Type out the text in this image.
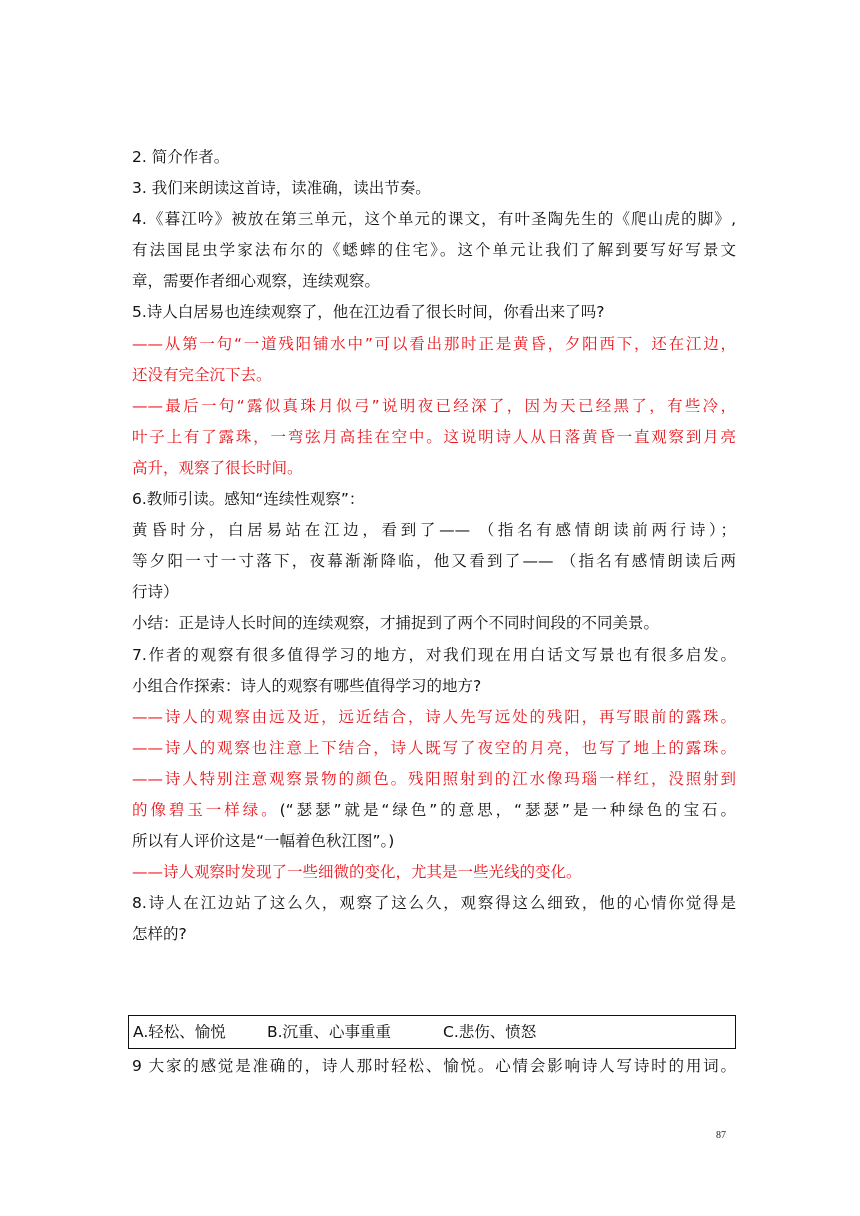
2. 简介作者。
3. 我们来朗读这首诗，读准确，读出节奏。
4.《暮江吟》被放在第三单元，这个单元的课文，有叶圣陶先生的《爬山虎的脚》,
有法国昆虫学家法布尔的《蟋蟀的住宅》。这个单元让我们了解到要写好写景文
章，需要作者细心观察，连续观察。
5.诗人白居易也连续观察了，他在江边看了很长时间，你看出来了吗?
——从第一句“一道残阳铺水中”可以看出那时正是黄昏，夕阳西下，还在江边，
还没有完全沉下去。
——最后一句“露似真珠月似弓”说明夜已经深了，因为天已经黑了，有些冷，
叶子上有了露珠，一弯弦月高挂在空中。这说明诗人从日落黄昏一直观察到月亮
高升，观察了很长时间。
6.教师引读。感知“连续性观察”：
黄昏时分，白居易站在江边，看到了—— （指名有感情朗读前两行诗）；
等夕阳一寸一寸落下，夜幕渐渐降临，他又看到了—— （指名有感情朗读后两
行诗）
小结：正是诗人长时间的连续观察，才捕捉到了两个不同时间段的不同美景。
7.作者的观察有很多值得学习的地方，对我们现在用白话文写景也有很多启发。
小组合作探索：诗人的观察有哪些值得学习的地方?
——诗人的观察由远及近，远近结合，诗人先写远处的残阳，再写眼前的露珠。
——诗人的观察也注意上下结合，诗人既写了夜空的月亮，也写了地上的露珠。
——诗人特别注意观察景物的颜色。残阳照射到的江水像玛瑙一样红，没照射到
的像碧玉一样绿。(“瑟瑟”就是“绿色”的意思，“瑟瑟”是一种绿色的宝石。
所以有人评价这是“一幅着色秋江图”。)
——诗人观察时发现了一些细微的变化，尤其是一些光线的变化。
8.诗人在江边站了这么久，观察了这么久，观察得这么细致，他的心情你觉得是
怎样的?
A.轻松、愉悦	B.沉重、心事重重	C.悲伤、愤怒
9 大家的感觉是准确的，诗人那时轻松、愉悦。心情会影响诗人写诗时的用词。
87
